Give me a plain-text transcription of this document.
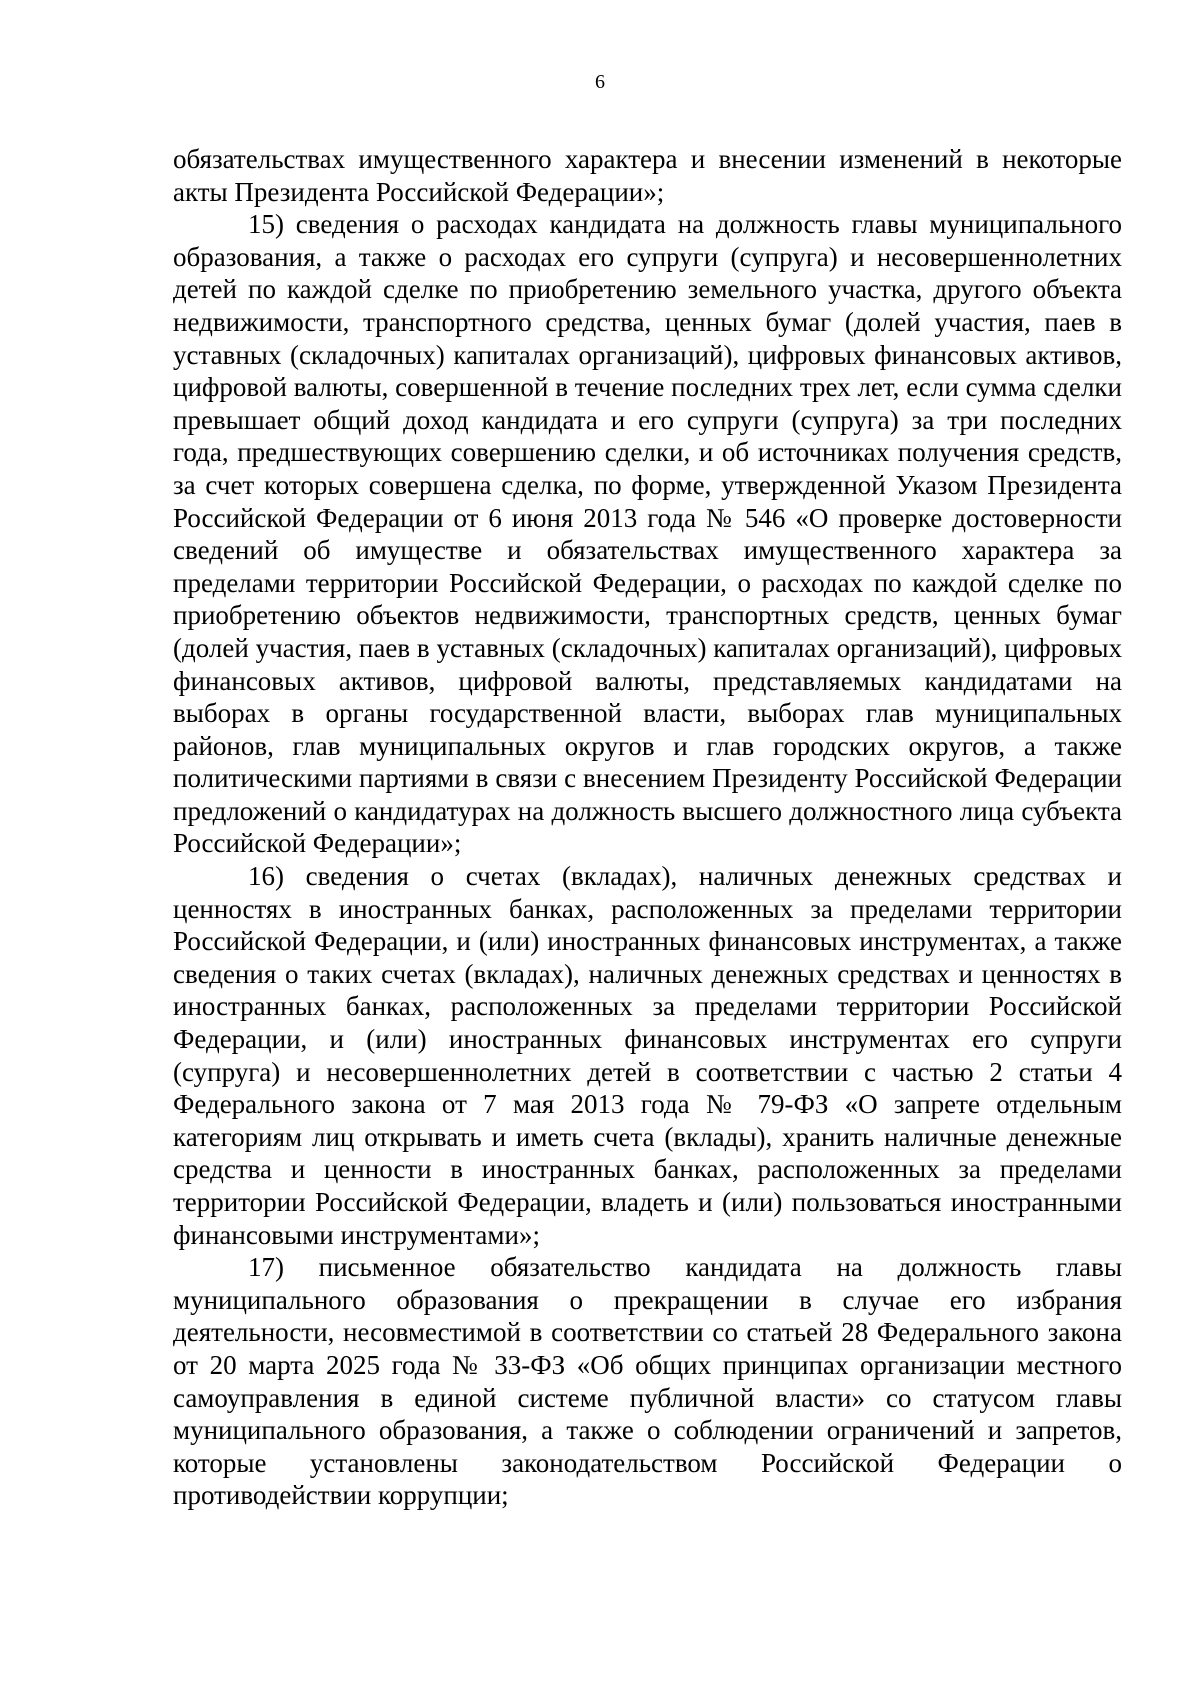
6

обязательствах имущественного характера и внесении изменений в некоторые акты Президента Российской Федерации»;

15) сведения о расходах кандидата на должность главы муниципального образования, а также о расходах его супруги (супруга) и несовершеннолетних детей по каждой сделке по приобретению земельного участка, другого объекта недвижимости, транспортного средства, ценных бумаг (долей участия, паев в уставных (складочных) капиталах организаций), цифровых финансовых активов, цифровой валюты, совершенной в течение последних трех лет, если сумма сделки превышает общий доход кандидата и его супруги (супруга) за три последних года, предшествующих совершению сделки, и об источниках получения средств, за счет которых совершена сделка, по форме, утвержденной Указом Президента Российской Федерации от 6 июня 2013 года № 546 «О проверке достоверности сведений об имуществе и обязательствах имущественного характера за пределами территории Российской Федерации, о расходах по каждой сделке по приобретению объектов недвижимости, транспортных средств, ценных бумаг (долей участия, паев в уставных (складочных) капиталах организаций), цифровых финансовых активов, цифровой валюты, представляемых кандидатами на выборах в органы государственной власти, выборах глав муниципальных районов, глав муниципальных округов и глав городских округов, а также политическими партиями в связи с внесением Президенту Российской Федерации предложений о кандидатурах на должность высшего должностного лица субъекта Российской Федерации»;

16) сведения о счетах (вкладах), наличных денежных средствах и ценностях в иностранных банках, расположенных за пределами территории Российской Федерации, и (или) иностранных финансовых инструментах, а также сведения о таких счетах (вкладах), наличных денежных средствах и ценностях в иностранных банках, расположенных за пределами территории Российской Федерации, и (или) иностранных финансовых инструментах его супруги (супруга) и несовершеннолетних детей в соответствии с частью 2 статьи 4 Федерального закона от 7 мая 2013 года № 79-ФЗ «О запрете отдельным категориям лиц открывать и иметь счета (вклады), хранить наличные денежные средства и ценности в иностранных банках, расположенных за пределами территории Российской Федерации, владеть и (или) пользоваться иностранными финансовыми инструментами»;

17) письменное обязательство кандидата на должность главы муниципального образования о прекращении в случае его избрания деятельности, несовместимой в соответствии со статьей 28 Федерального закона от 20 марта 2025 года № 33-ФЗ «Об общих принципах организации местного самоуправления в единой системе публичной власти» со статусом главы муниципального образования, а также о соблюдении ограничений и запретов, которые установлены законодательством Российской Федерации о противодействии коррупции;
